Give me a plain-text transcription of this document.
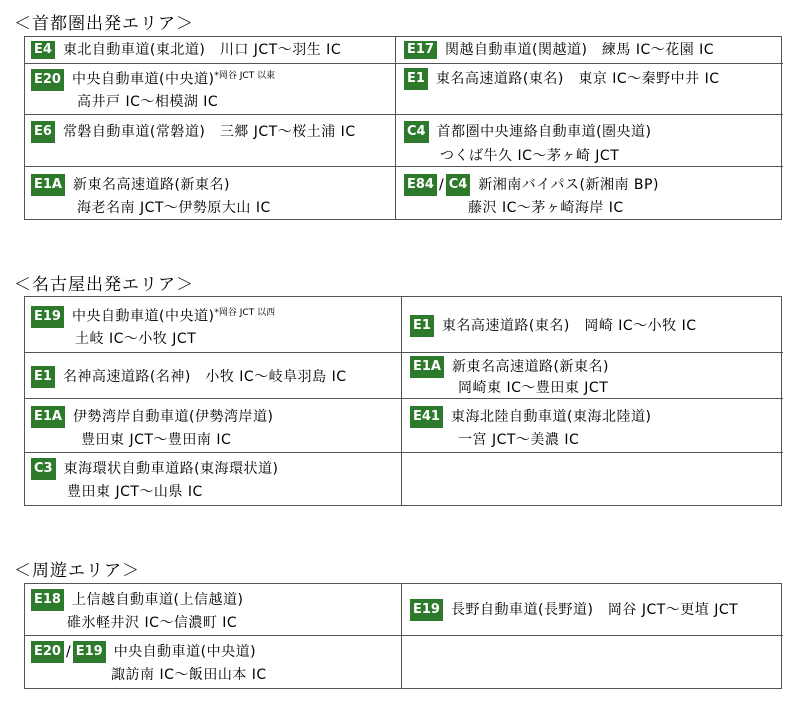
＜首都圏出発エリア＞
E4 東北自動車道(東北道) 川口 JCT～羽生 IC	E17 関越自動車道(関越道) 練馬 IC～花園 IC
E20 中央自動車道(中央道)$^{*岡谷 JCT 以東}$
高井戸 IC～相模湖 IC
E1 東名高速道路(東名) 東京 IC～秦野中井 IC
E6 常磐自動車道(常磐道) 三郷 JCT～桜土浦 IC	C4 首都圏中央連絡自動車道(圏央道)
つくば牛久 IC～茅ヶ崎 JCT
E1A 新東名高速道路(新東名)
海老名南 JCT～伊勢原大山 IC
E84 / C4 新湘南バイパス(新湘南 BP)
藤沢 IC～茅ヶ崎海岸 IC
＜名古屋出発エリア＞
E19 中央自動車道(中央道)$^{*岡谷 JCT 以西}$
土岐 IC～小牧 JCT
E1 東名高速道路(東名) 岡崎 IC～小牧 IC
E1 名神高速道路(名神) 小牧 IC～岐阜羽島 IC
E1A 新東名高速道路(新東名)
岡崎東 IC～豊田東 JCT
E1A 伊勢湾岸自動車道(伊勢湾岸道)
豊田東 JCT～豊田南 IC
E41 東海北陸自動車道(東海北陸道)
一宮 JCT～美濃 IC
C3 東海環状自動車道路(東海環状道)
豊田東 JCT～山県 IC
＜周遊エリア＞
E18 上信越自動車道(上信越道)
碓氷軽井沢 IC～信濃町 IC
E19 長野自動車道(長野道) 岡谷 JCT～更埴 JCT
E20 / E19 中央自動車道(中央道)
諏訪南 IC～飯田山本 IC
